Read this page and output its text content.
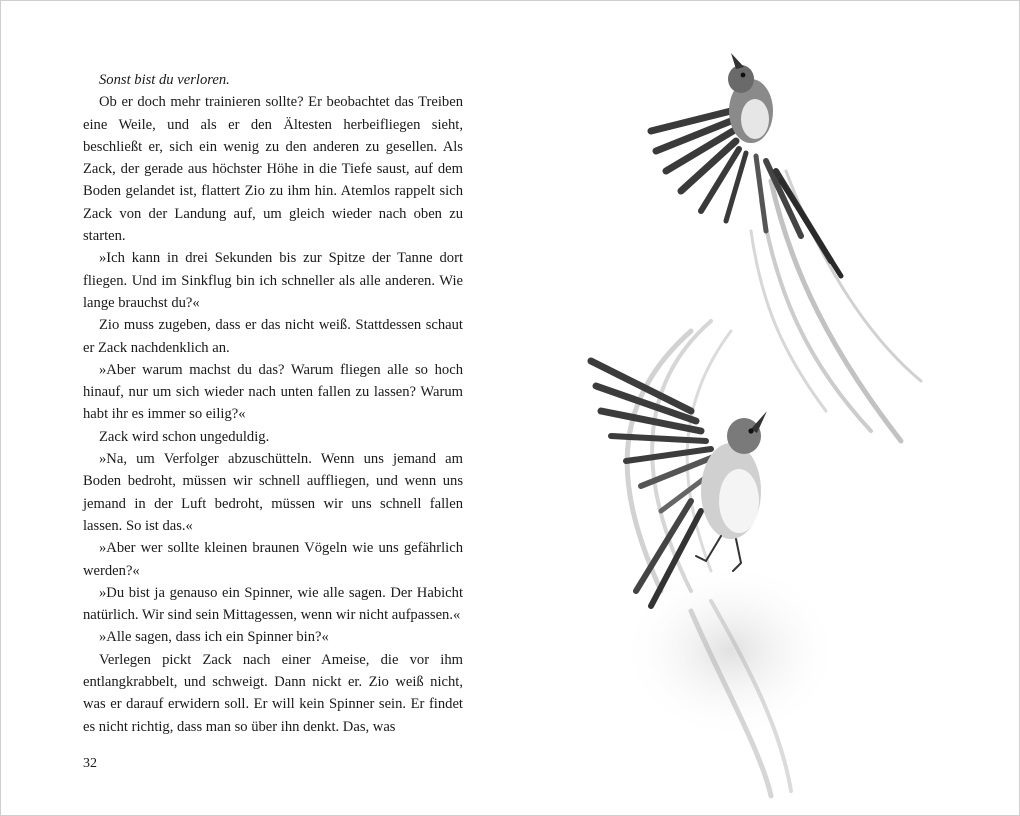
Sonst bist du verloren.

Ob er doch mehr trainieren sollte? Er beobachtet das Treiben eine Weile, und als er den Ältesten herbeifliegen sieht, beschließt er, sich ein wenig zu den anderen zu gesellen. Als Zack, der gerade aus höchster Höhe in die Tiefe saust, auf dem Boden gelandet ist, flattert Zio zu ihm hin. Atemlos rappelt sich Zack von der Landung auf, um gleich wieder nach oben zu starten.

»Ich kann in drei Sekunden bis zur Spitze der Tanne dort fliegen. Und im Sinkflug bin ich schneller als alle anderen. Wie lange brauchst du?«

Zio muss zugeben, dass er das nicht weiß. Stattdessen schaut er Zack nachdenklich an.

»Aber warum machst du das? Warum fliegen alle so hoch hinauf, nur um sich wieder nach unten fallen zu lassen? Warum habt ihr es immer so eilig?«

Zack wird schon ungeduldig.

»Na, um Verfolger abzuschütteln. Wenn uns jemand am Boden bedroht, müssen wir schnell auffliegen, und wenn uns jemand in der Luft bedroht, müssen wir uns schnell fallen lassen. So ist das.«

»Aber wer sollte kleinen braunen Vögeln wie uns gefährlich werden?«

»Du bist ja genauso ein Spinner, wie alle sagen. Der Habicht natürlich. Wir sind sein Mittagessen, wenn wir nicht aufpassen.«

»Alle sagen, dass ich ein Spinner bin?«

Verlegen pickt Zack nach einer Ameise, die vor ihm entlangkrabbelt, und schweigt. Dann nickt er. Zio weiß nicht, was er darauf erwidern soll. Er will kein Spinner sein. Er findet es nicht richtig, dass man so über ihn denkt. Das, was

32
